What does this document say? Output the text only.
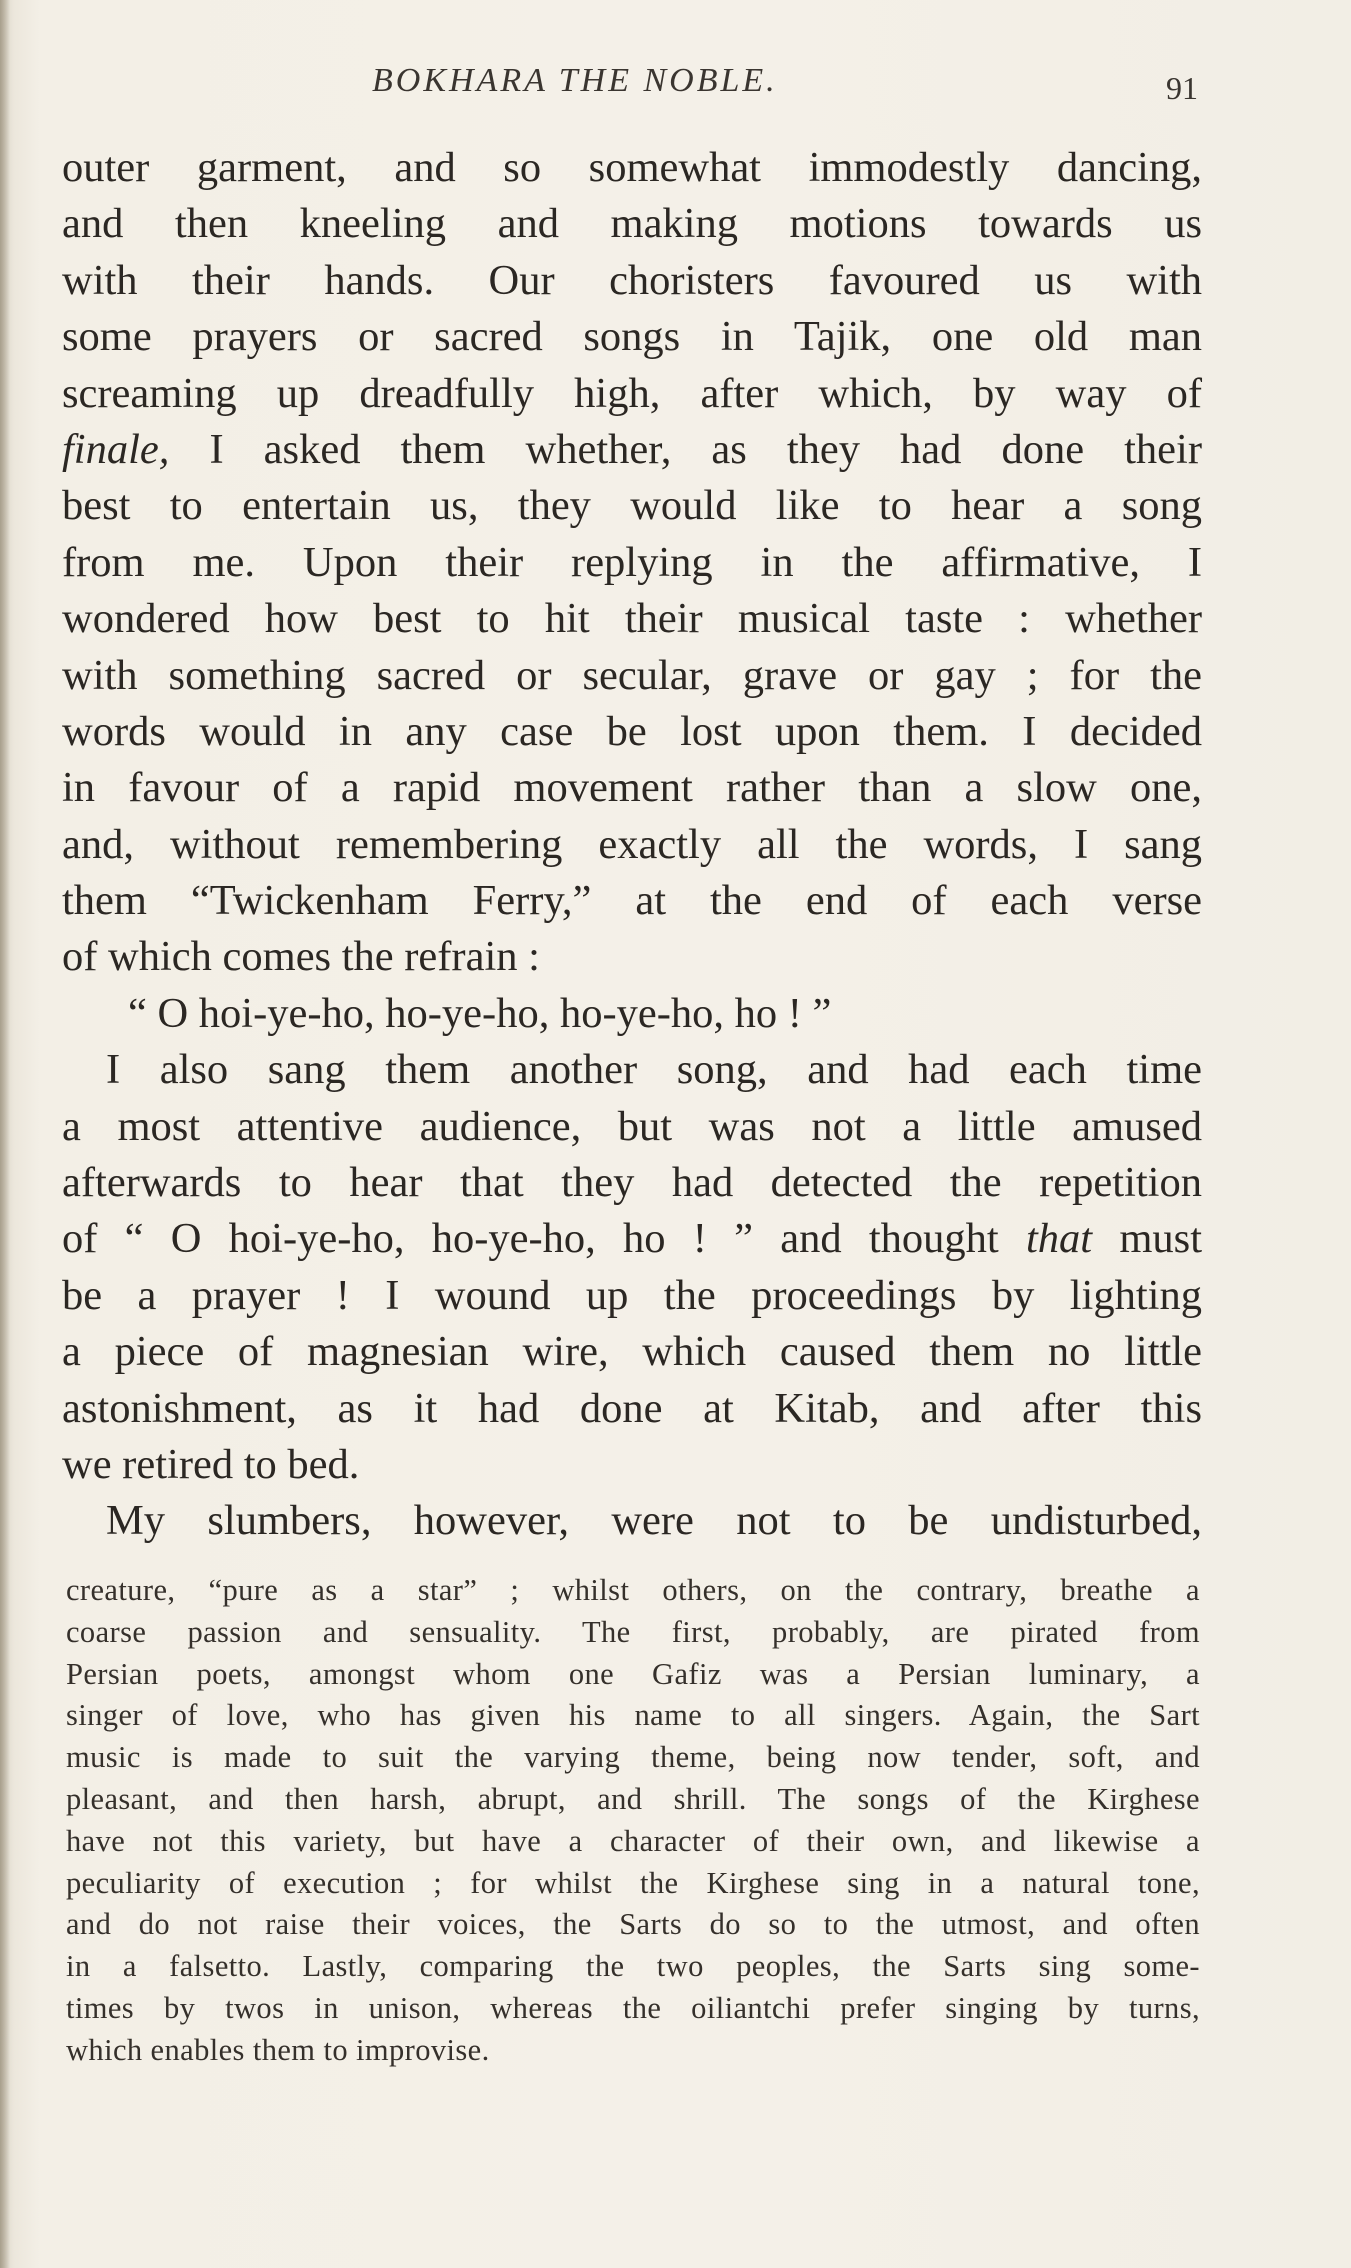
BOKHARA THE NOBLE.	91
outer garment, and so somewhat immodestly dancing,
and then kneeling and making motions towards us
with their hands. Our choristers favoured us with
some prayers or sacred songs in Tajik, one old man
screaming up dreadfully high, after which, by way of
finale, I asked them whether, as they had done their
best to entertain us, they would like to hear a song
from me. Upon their replying in the affirmative, I
wondered how best to hit their musical taste : whether
with something sacred or secular, grave or gay ; for the
words would in any case be lost upon them. I decided
in favour of a rapid movement rather than a slow one,
and, without remembering exactly all the words, I sang
them “Twickenham Ferry,” at the end of each verse
of which comes the refrain :
“ O hoi-ye-ho, ho-ye-ho, ho-ye-ho, ho ! ”
I also sang them another song, and had each time
a most attentive audience, but was not a little amused
afterwards to hear that they had detected the repetition
of “ O hoi-ye-ho, ho-ye-ho, ho ! ” and thought that must
be a prayer ! I wound up the proceedings by lighting
a piece of magnesian wire, which caused them no little
astonishment, as it had done at Kitab, and after this
we retired to bed.
My slumbers, however, were not to be undisturbed,
creature, “pure as a star” ; whilst others, on the contrary, breathe a
coarse passion and sensuality. The first, probably, are pirated from
Persian poets, amongst whom one Gafiz was a Persian luminary, a
singer of love, who has given his name to all singers. Again, the Sart
music is made to suit the varying theme, being now tender, soft, and
pleasant, and then harsh, abrupt, and shrill. The songs of the Kirghese
have not this variety, but have a character of their own, and likewise a
peculiarity of execution ; for whilst the Kirghese sing in a natural tone,
and do not raise their voices, the Sarts do so to the utmost, and often
in a falsetto. Lastly, comparing the two peoples, the Sarts sing some-
times by twos in unison, whereas the oiliantchi prefer singing by turns,
which enables them to improvise.
